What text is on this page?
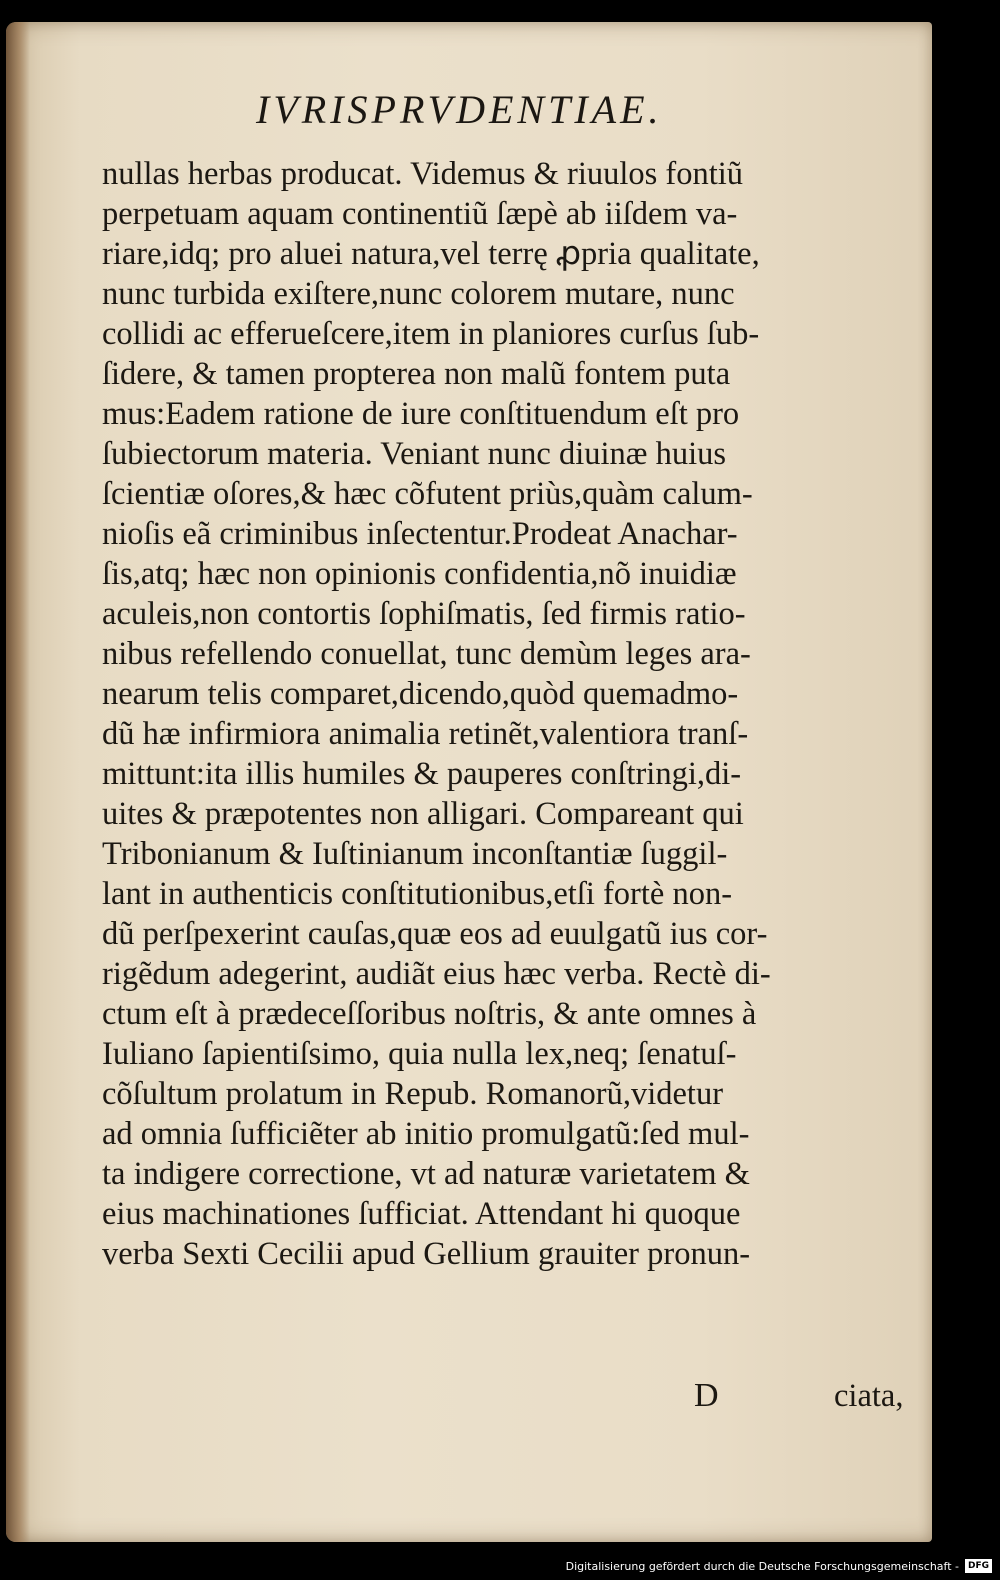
IVRISPRVDENTIAE.
nullas herbas producat. Videmus & riuulos fontiũ
perpetuam aquam continentiũ ſæpè ab iiſdem va-
riare,idq; pro aluei natura,vel terrę ꝓpria qualitate,
nunc turbida exiſtere,nunc colorem mutare, nunc
collidi ac efferueſcere,item in planiores curſus ſub-
ſidere, & tamen propterea non malũ fontem puta
mus:Eadem ratione de iure conſtituendum eſt pro
ſubiectorum materia. Veniant nunc diuinæ huius
ſcientiæ oſores,& hæc cõfutent priùs,quàm calum-
nioſis eã criminibus inſectentur.Prodeat Anachar-
ſis,atq; hæc non opinionis confidentia,nõ inuidiæ
aculeis,non contortis ſophiſmatis, ſed firmis ratio-
nibus refellendo conuellat, tunc demùm leges ara-
nearum telis comparet,dicendo,quòd quemadmo-
dũ hæ infirmiora animalia retinẽt,valentiora tranſ-
mittunt:ita illis humiles & pauperes conſtringi,di-
uites & præpotentes non alligari. Compareant qui
Tribonianum & Iuſtinianum inconſtantiæ ſuggil-
lant in authenticis conſtitutionibus,etſi fortè non-
dũ perſpexerint cauſas,quæ eos ad euulgatũ ius cor-
rigẽdum adegerint, audiãt eius hæc verba. Rectè di-
ctum eſt à prædeceſſoribus noſtris, & ante omnes à
Iuliano ſapientiſsimo, quia nulla lex,neq; ſenatuſ-
cõſultum prolatum in Repub. Romanorũ,videtur
ad omnia ſufficiẽter ab initio promulgatũ:ſed mul-
ta indigere correctione, vt ad naturæ varietatem &
eius machinationes ſufficiat. Attendant hi quoque
verba Sexti Cecilii apud Gellium grauiter pronun-
D	ciata,
Digitalisierung gefördert durch die Deutsche Forschungsgemeinschaft -	DFG
